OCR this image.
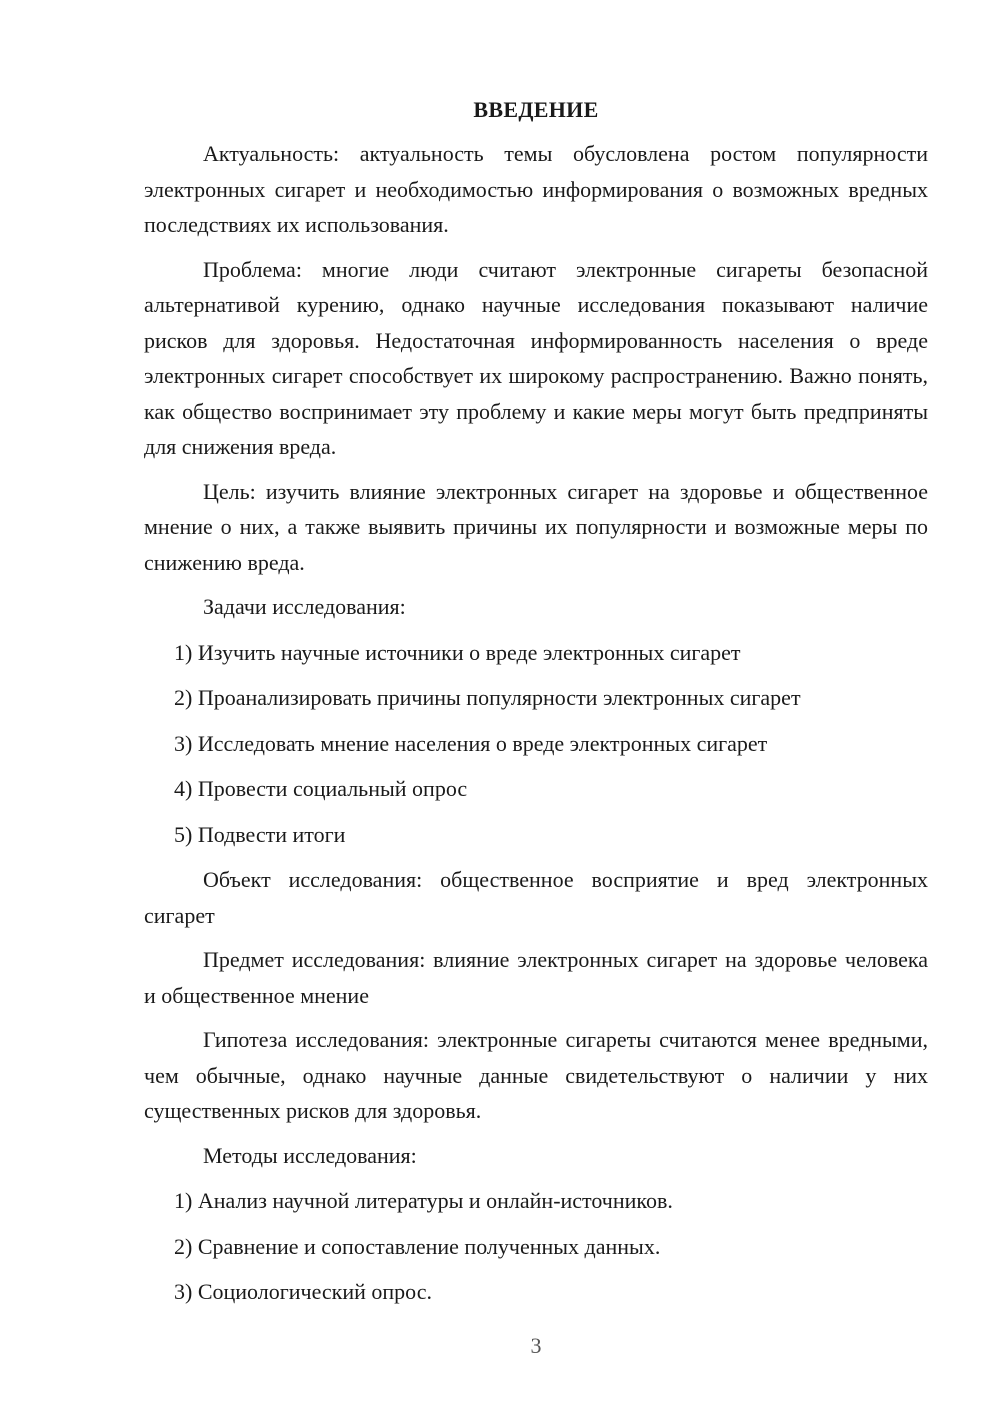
ВВЕДЕНИЕ

Актуальность: актуальность темы обусловлена ростом популярности электронных сигарет и необходимостью информирования о возможных вредных последствиях их использования.

Проблема: многие люди считают электронные сигареты безопасной альтернативой курению, однако научные исследования показывают наличие рисков для здоровья. Недостаточная информированность населения о вреде электронных сигарет способствует их широкому распространению. Важно понять, как общество воспринимает эту проблему и какие меры могут быть предприняты для снижения вреда.

Цель: изучить влияние электронных сигарет на здоровье и общественное мнение о них, а также выявить причины их популярности и возможные меры по снижению вреда.

Задачи исследования:

1) Изучить научные источники о вреде электронных сигарет
2) Проанализировать причины популярности электронных сигарет
3) Исследовать мнение населения о вреде электронных сигарет
4) Провести социальный опрос
5) Подвести итоги

Объект исследования: общественное восприятие и вред электронных сигарет

Предмет исследования: влияние электронных сигарет на здоровье человека и общественное мнение

Гипотеза исследования: электронные сигареты считаются менее вредными, чем обычные, однако научные данные свидетельствуют о наличии у них существенных рисков для здоровья.

Методы исследования:

1) Анализ научной литературы и онлайн-источников.
2) Сравнение и сопоставление полученных данных.
3) Социологический опрос.
3
